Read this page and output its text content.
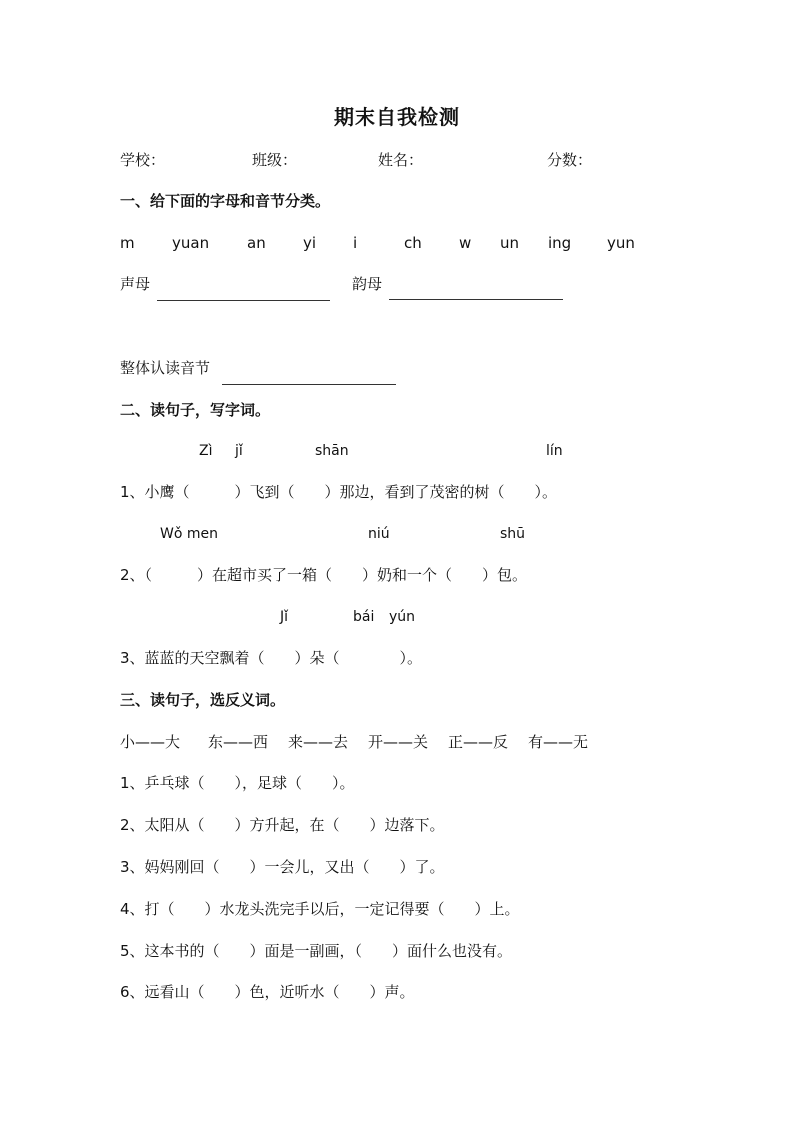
期末自我检测
学校：	班级：	姓名：	分数：
一、给下面的字母和音节分类。
m yuan	an yi i	ch w un ing yun
声母	韵母
整体认读音节
二、读句子，写字词。
Zì jǐ	shān	lín
1、小鹰（　　　）飞到（　　）那边，看到了茂密的树（　　）。
Wǒ men	niú	shū
2、（　　　）在超市买了一箱（　　）奶和一个（　　）包。
Jǐ	bái yún
3、蓝蓝的天空飘着（　　）朵（　　　　）。
三、读句子，选反义词。
小——大 东——西 来——去 开——关 正——反 有——无
1、乒乓球（　　），足球（　　）。
2、太阳从（　　）方升起，在（　　）边落下。
3、妈妈刚回（　　）一会儿，又出（　　）了。
4、打（　　）水龙头洗完手以后，一定记得要（　　）上。
5、这本书的（　　）面是一副画，（　　）面什么也没有。
6、远看山（　　）色，近听水（　　）声。
